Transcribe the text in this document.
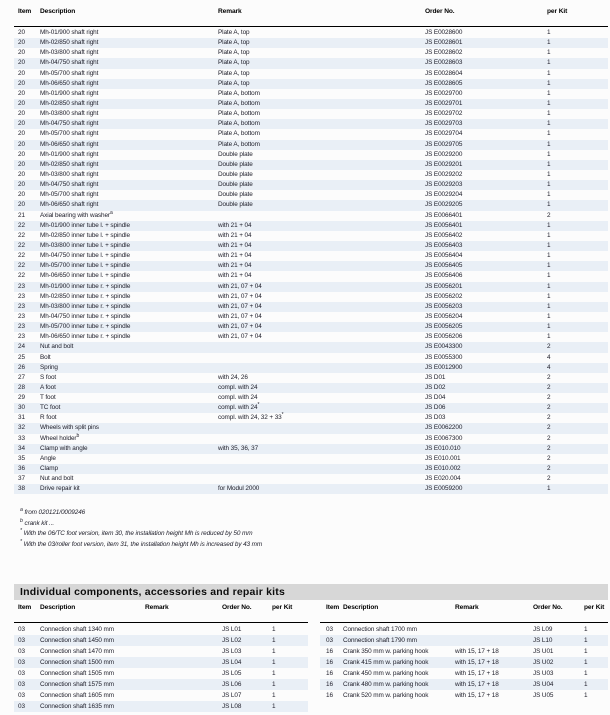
Item Description	Remark	Order No.	per Kit
20 Mh-01/900 shaft right	Plate A, top	JS E0028600	1
20 Mh-02/850 shaft right	Plate A, top	JS E0028601	1
20 Mh-03/800 shaft right	Plate A, top	JS E0028602	1
20 Mh-04/750 shaft right	Plate A, top	JS E0028603	1
20 Mh-05/700 shaft right	Plate A, top	JS E0028604	1
20 Mh-06/650 shaft right	Plate A, top	JS E0028605	1
20 Mh-01/900 shaft right	Plate A, bottom	JS E0029700	1
20 Mh-02/850 shaft right	Plate A, bottom	JS E0029701	1
20 Mh-03/800 shaft right	Plate A, bottom	JS E0029702	1
20 Mh-04/750 shaft right	Plate A, bottom	JS E0029703	1
20 Mh-05/700 shaft right	Plate A, bottom	JS E0029704	1
20 Mh-06/650 shaft right	Plate A, bottom	JS E0029705	1
20 Mh-01/900 shaft right	Double plate	JS E0029200	1
20 Mh-02/850 shaft right	Double plate	JS E0029201	1
20 Mh-03/800 shaft right	Double plate	JS E0029202	1
20 Mh-04/750 shaft right	Double plate	JS E0029203	1
20 Mh-05/700 shaft right	Double plate	JS E0029204	1
20 Mh-06/650 shaft right	Double plate	JS E0029205	1
21 Axial bearing with washer$^a$	JS E0066401	2
22 Mh-01/900 inner tube l. + spindle	with 21 + 04	JS E0056401	1
22 Mh-02/850 inner tube l. + spindle	with 21 + 04	JS E0056402	1
22 Mh-03/800 inner tube l. + spindle	with 21 + 04	JS E0056403	1
22 Mh-04/750 inner tube l. + spindle	with 21 + 04	JS E0056404	1
22 Mh-05/700 inner tube l. + spindle	with 21 + 04	JS E0056405	1
22 Mh-06/650 inner tube l. + spindle	with 21 + 04	JS E0056406	1
23 Mh-01/900 inner tube r. + spindle	with 21, 07 + 04	JS E0056201	1
23 Mh-02/850 inner tube r. + spindle	with 21, 07 + 04	JS E0056202	1
23 Mh-03/800 inner tube r. + spindle	with 21, 07 + 04	JS E0056203	1
23 Mh-04/750 inner tube r. + spindle	with 21, 07 + 04	JS E0056204	1
23 Mh-05/700 inner tube r. + spindle	with 21, 07 + 04	JS E0056205	1
23 Mh-06/650 inner tube r. + spindle	with 21, 07 + 04	JS E0056206	1
24 Nut and bolt	JS E0043300	2
25 Bolt	JS E0055300	4
26 Spring	JS E0012900	4
27 S foot	with 24, 26	JS D01	2
28 A foot	compl. with 24	JS D02	2
29 T foot	compl. with 24	JS D04	2
30 TC foot	compl. with 24*	JS D06	2
31 R foot	compl. with 24, 32 + 33*	JS D03	2
32 Wheels with split pins	JS E0062200	2
33 Wheel holder$^b$	JS E0067300	2
34 Clamp with angle	with 35, 36, 37	JS E010.010	2
35 Angle	JS E010.001	2
36 Clamp	JS E010.002	2
37 Nut and bolt	JS E020.004	2
38 Drive repair kit	for Modul 2000	JS E0059200	1
$^a$ from 020121/0009246
$^b$ crank kit ...
* With the 06/TC foot version, item 30, the installation height Mh is reduced by 50 mm
* With the 03/roller foot version, item 31, the installation height Mh is increased by 43 mm
Individual components, accessories and repair kits
Item Description	Remark	Order No.	per Kit
03 Connection shaft 1340 mm	JS L01	1
03 Connection shaft 1450 mm	JS L02	1
03 Connection shaft 1470 mm	JS L03	1
03 Connection shaft 1500 mm	JS L04	1
03 Connection shaft 1505 mm	JS L05	1
03 Connection shaft 1575 mm	JS L06	1
03 Connection shaft 1605 mm	JS L07	1
03 Connection shaft 1635 mm	JS L08	1
Item Description	Remark	Order No.	per Kit
03 Connection shaft 1700 mm	JS L09	1
03 Connection shaft 1790 mm	JS L10	1
16 Crank 350 mm w. parking hook	with 15, 17 + 18	JS U01	1
16 Crank 415 mm w. parking hook	with 15, 17 + 18	JS U02	1
16 Crank 450 mm w. parking hook	with 15, 17 + 18	JS U03	1
16 Crank 480 mm w. parking hook	with 15, 17 + 18	JS U04	1
16 Crank 520 mm w. parking hook	with 15, 17 + 18	JS U05	1
